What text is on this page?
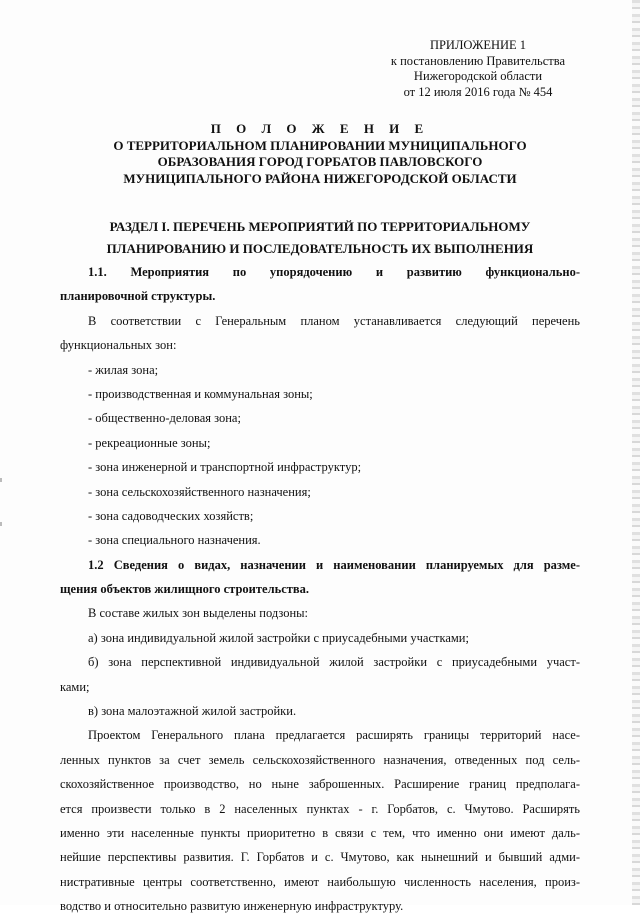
ПРИЛОЖЕНИЕ 1
к постановлению Правительства
Нижегородской области
от 12 июля 2016 года № 454
П О Л О Ж Е Н И Е
О ТЕРРИТОРИАЛЬНОМ ПЛАНИРОВАНИИ МУНИЦИПАЛЬНОГО
ОБРАЗОВАНИЯ ГОРОД ГОРБАТОВ ПАВЛОВСКОГО
МУНИЦИПАЛЬНОГО РАЙОНА НИЖЕГОРОДСКОЙ ОБЛАСТИ
РАЗДЕЛ I. ПЕРЕЧЕНЬ МЕРОПРИЯТИЙ ПО ТЕРРИТОРИАЛЬНОМУ
ПЛАНИРОВАНИЮ И ПОСЛЕДОВАТЕЛЬНОСТЬ ИХ ВЫПОЛНЕНИЯ
1.1. Мероприятия по упорядочению и развитию функционально-
планировочной структуры.
В соответствии с Генеральным планом устанавливается следующий перечень
функциональных зон:
- жилая зона;
- производственная и коммунальная зоны;
- общественно-деловая зона;
- рекреационные зоны;
- зона инженерной и транспортной инфраструктур;
- зона сельскохозяйственного назначения;
- зона садоводческих хозяйств;
- зона специального назначения.
1.2 Сведения о видах, назначении и наименовании планируемых для разме-
щения объектов жилищного строительства.
В составе жилых зон выделены подзоны:
а) зона индивидуальной жилой застройки с приусадебными участками;
б) зона перспективной индивидуальной жилой застройки с приусадебными участ-
ками;
в) зона малоэтажной жилой застройки.
Проектом Генерального плана предлагается расширять границы территорий насе-
ленных пунктов за счет земель сельскохозяйственного назначения, отведенных под сель-
скохозяйственное производство, но ныне заброшенных. Расширение границ предполага-
ется произвести только в 2 населенных пунктах - г. Горбатов, с. Чмутово. Расширять
именно эти населенные пункты приоритетно в связи с тем, что именно они имеют даль-
нейшие перспективы развития. Г. Горбатов и с. Чмутово, как нынешний и бывший адми-
нистративные центры соответственно, имеют наибольшую численность населения, произ-
водство и относительно развитую инженерную инфраструктуру.
